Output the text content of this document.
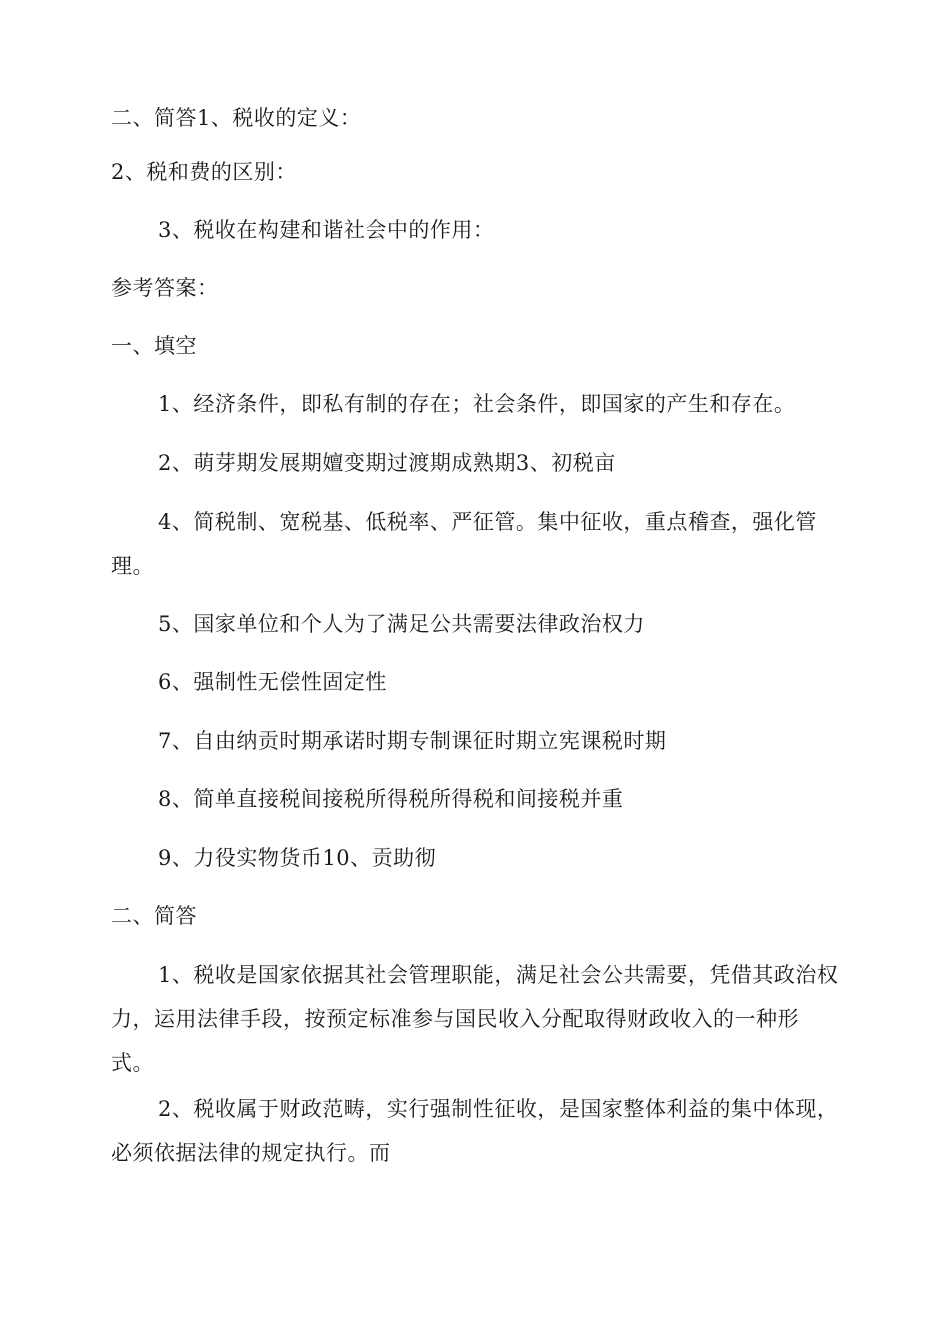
二、简答1、税收的定义：
2、税和费的区别：
3、税收在构建和谐社会中的作用：
参考答案：
一、填空
1、经济条件，即私有制的存在；社会条件，即国家的产生和存在。
2、萌芽期发展期嬗变期过渡期成熟期3、初税亩
4、简税制、宽税基、低税率、严征管。集中征收，重点稽查，强化管理。
5、国家单位和个人为了满足公共需要法律政治权力
6、强制性无偿性固定性
7、自由纳贡时期承诺时期专制课征时期立宪课税时期
8、简单直接税间接税所得税所得税和间接税并重
9、力役实物货币10、贡助彻
二、简答
1、税收是国家依据其社会管理职能，满足社会公共需要，凭借其政治权力，运用法律手段，按预定标准参与国民收入分配取得财政收入的一种形式。
2、税收属于财政范畴，实行强制性征收，是国家整体利益的集中体现，必须依据法律的规定执行。而
